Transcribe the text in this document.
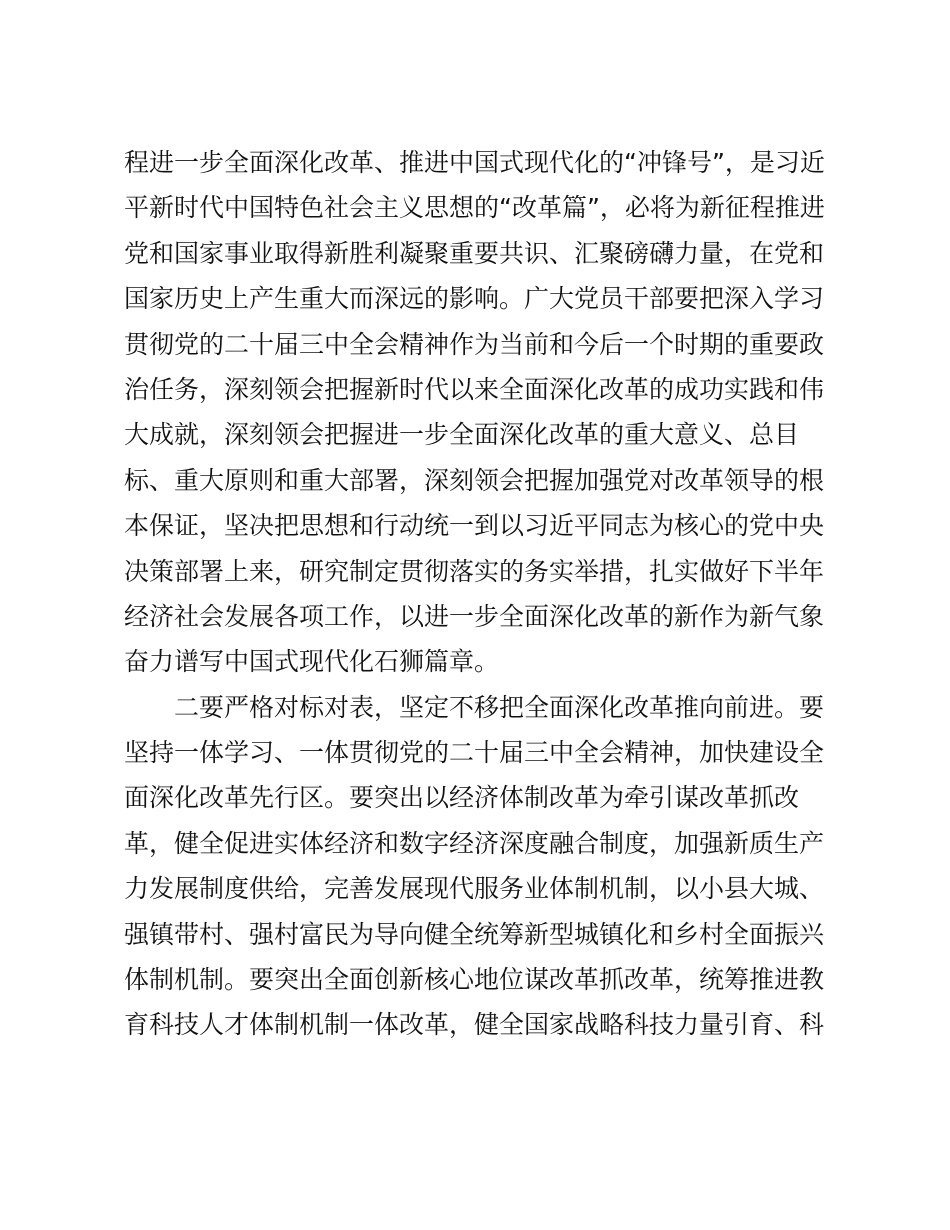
程进一步全面深化改革、推进中国式现代化的“冲锋号”，是习近
平新时代中国特色社会主义思想的“改革篇”，必将为新征程推进
党和国家事业取得新胜利凝聚重要共识、汇聚磅礴力量，在党和
国家历史上产生重大而深远的影响。广大党员干部要把深入学习
贯彻党的二十届三中全会精神作为当前和今后一个时期的重要政
治任务，深刻领会把握新时代以来全面深化改革的成功实践和伟
大成就，深刻领会把握进一步全面深化改革的重大意义、总目
标、重大原则和重大部署，深刻领会把握加强党对改革领导的根
本保证，坚决把思想和行动统一到以习近平同志为核心的党中央
决策部署上来，研究制定贯彻落实的务实举措，扎实做好下半年
经济社会发展各项工作，以进一步全面深化改革的新作为新气象
奋力谱写中国式现代化石狮篇章。
二要严格对标对表，坚定不移把全面深化改革推向前进。要
坚持一体学习、一体贯彻党的二十届三中全会精神，加快建设全
面深化改革先行区。要突出以经济体制改革为牵引谋改革抓改
革，健全促进实体经济和数字经济深度融合制度，加强新质生产
力发展制度供给，完善发展现代服务业体制机制，以小县大城、
强镇带村、强村富民为导向健全统筹新型城镇化和乡村全面振兴
体制机制。要突出全面创新核心地位谋改革抓改革，统筹推进教
育科技人才体制机制一体改革，健全国家战略科技力量引育、科
